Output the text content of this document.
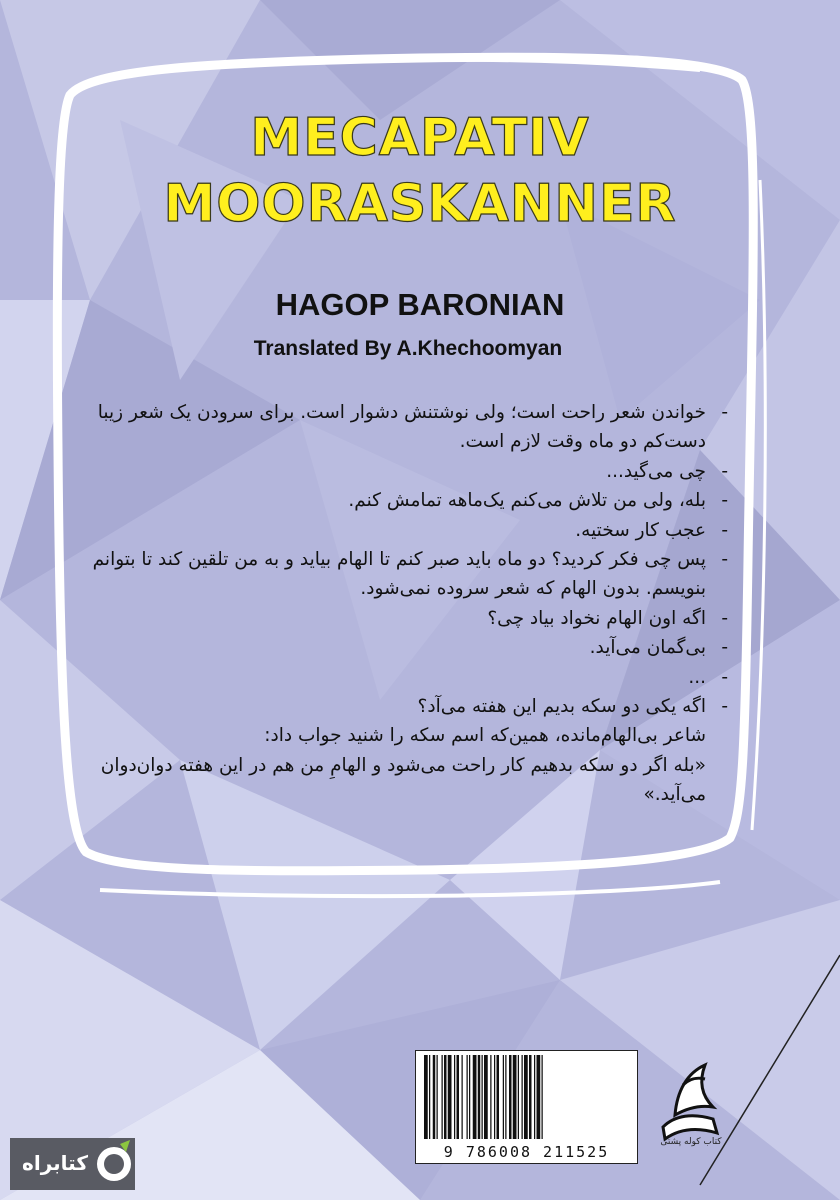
MECAPATIV
MOORASKANNER
HAGOP BARONIAN
Translated By A.Khechoomyan

-
خواندن شعر راحت است؛ ولی نوشتنش دشوار است. برای سرودن یک شعر زیبا دست‌کم دو ماه وقت لازم است.

-
چی می‌گید...

-
بله، ولی من تلاش می‌کنم یک‌ماهه تمامش کنم.

-
عجب کار سختیه.

-
پس چی فکر کردید؟ دو ماه باید صبر کنم تا الهام بیاید و به من تلقین کند تا بتوانم بنویسم. بدون الهام که شعر سروده نمی‌شود.

-
اگه اون الهام نخواد بیاد چی؟

-
بی‌گمان می‌آید.

-
...

-
اگه یکی دو سکه بدیم این هفته می‌آد؟

شاعر بی‌الهام‌مانده، همین‌که اسم سکه را شنید جواب داد:

«بله اگر دو سکه بدهیم کار راحت می‌شود و الهامِ من هم در این هفته دوان‌دوان می‌آید.»

9 786008 211525
کتاب کوله پشتی
کتابراه
